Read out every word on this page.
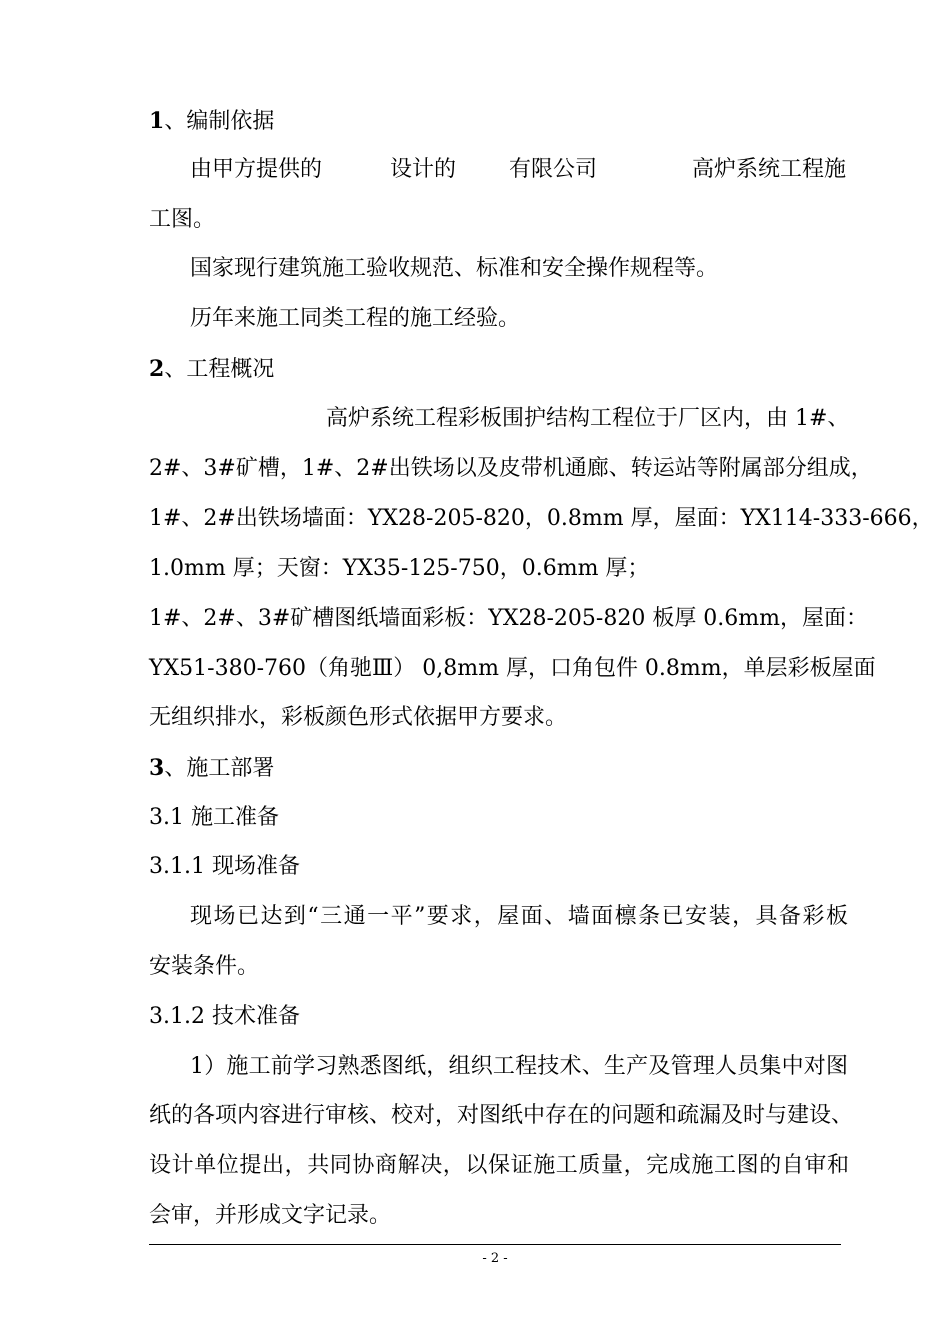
1、编制依据
由甲方提供的	设计的 有限公司	高炉系统工程施
工图。
国家现行建筑施工验收规范、标准和安全操作规程等。
历年来施工同类工程的施工经验。
2、工程概况
高炉系统工程彩板围护结构工程位于厂区内，由 1#、
2#、3#矿槽，1#、2#出铁场以及皮带机通廊、转运站等附属部分组成，
1#、2#出铁场墙面：YX28-205-820，0.8mm 厚，屋面：YX114-333-666，
1.0mm 厚；天窗：YX35-125-750，0.6mm 厚；
1#、2#、3#矿槽图纸墙面彩板：YX28-205-820 板厚 0.6mm，屋面：
YX51-380-760（角驰Ⅲ） 0,8mm 厚，口角包件 0.8mm，单层彩板屋面
无组织排水，彩板颜色形式依据甲方要求。
3、施工部署
3.1 施工准备
3.1.1 现场准备
现场已达到“三通一平”要求，屋面、墙面檩条已安装，具备彩板
安装条件。
3.1.2 技术准备
1）施工前学习熟悉图纸，组织工程技术、生产及管理人员集中对图
纸的各项内容进行审核、校对，对图纸中存在的问题和疏漏及时与建设、
设计单位提出，共同协商解决，以保证施工质量，完成施工图的自审和
会审，并形成文字记录。
- 2 -
